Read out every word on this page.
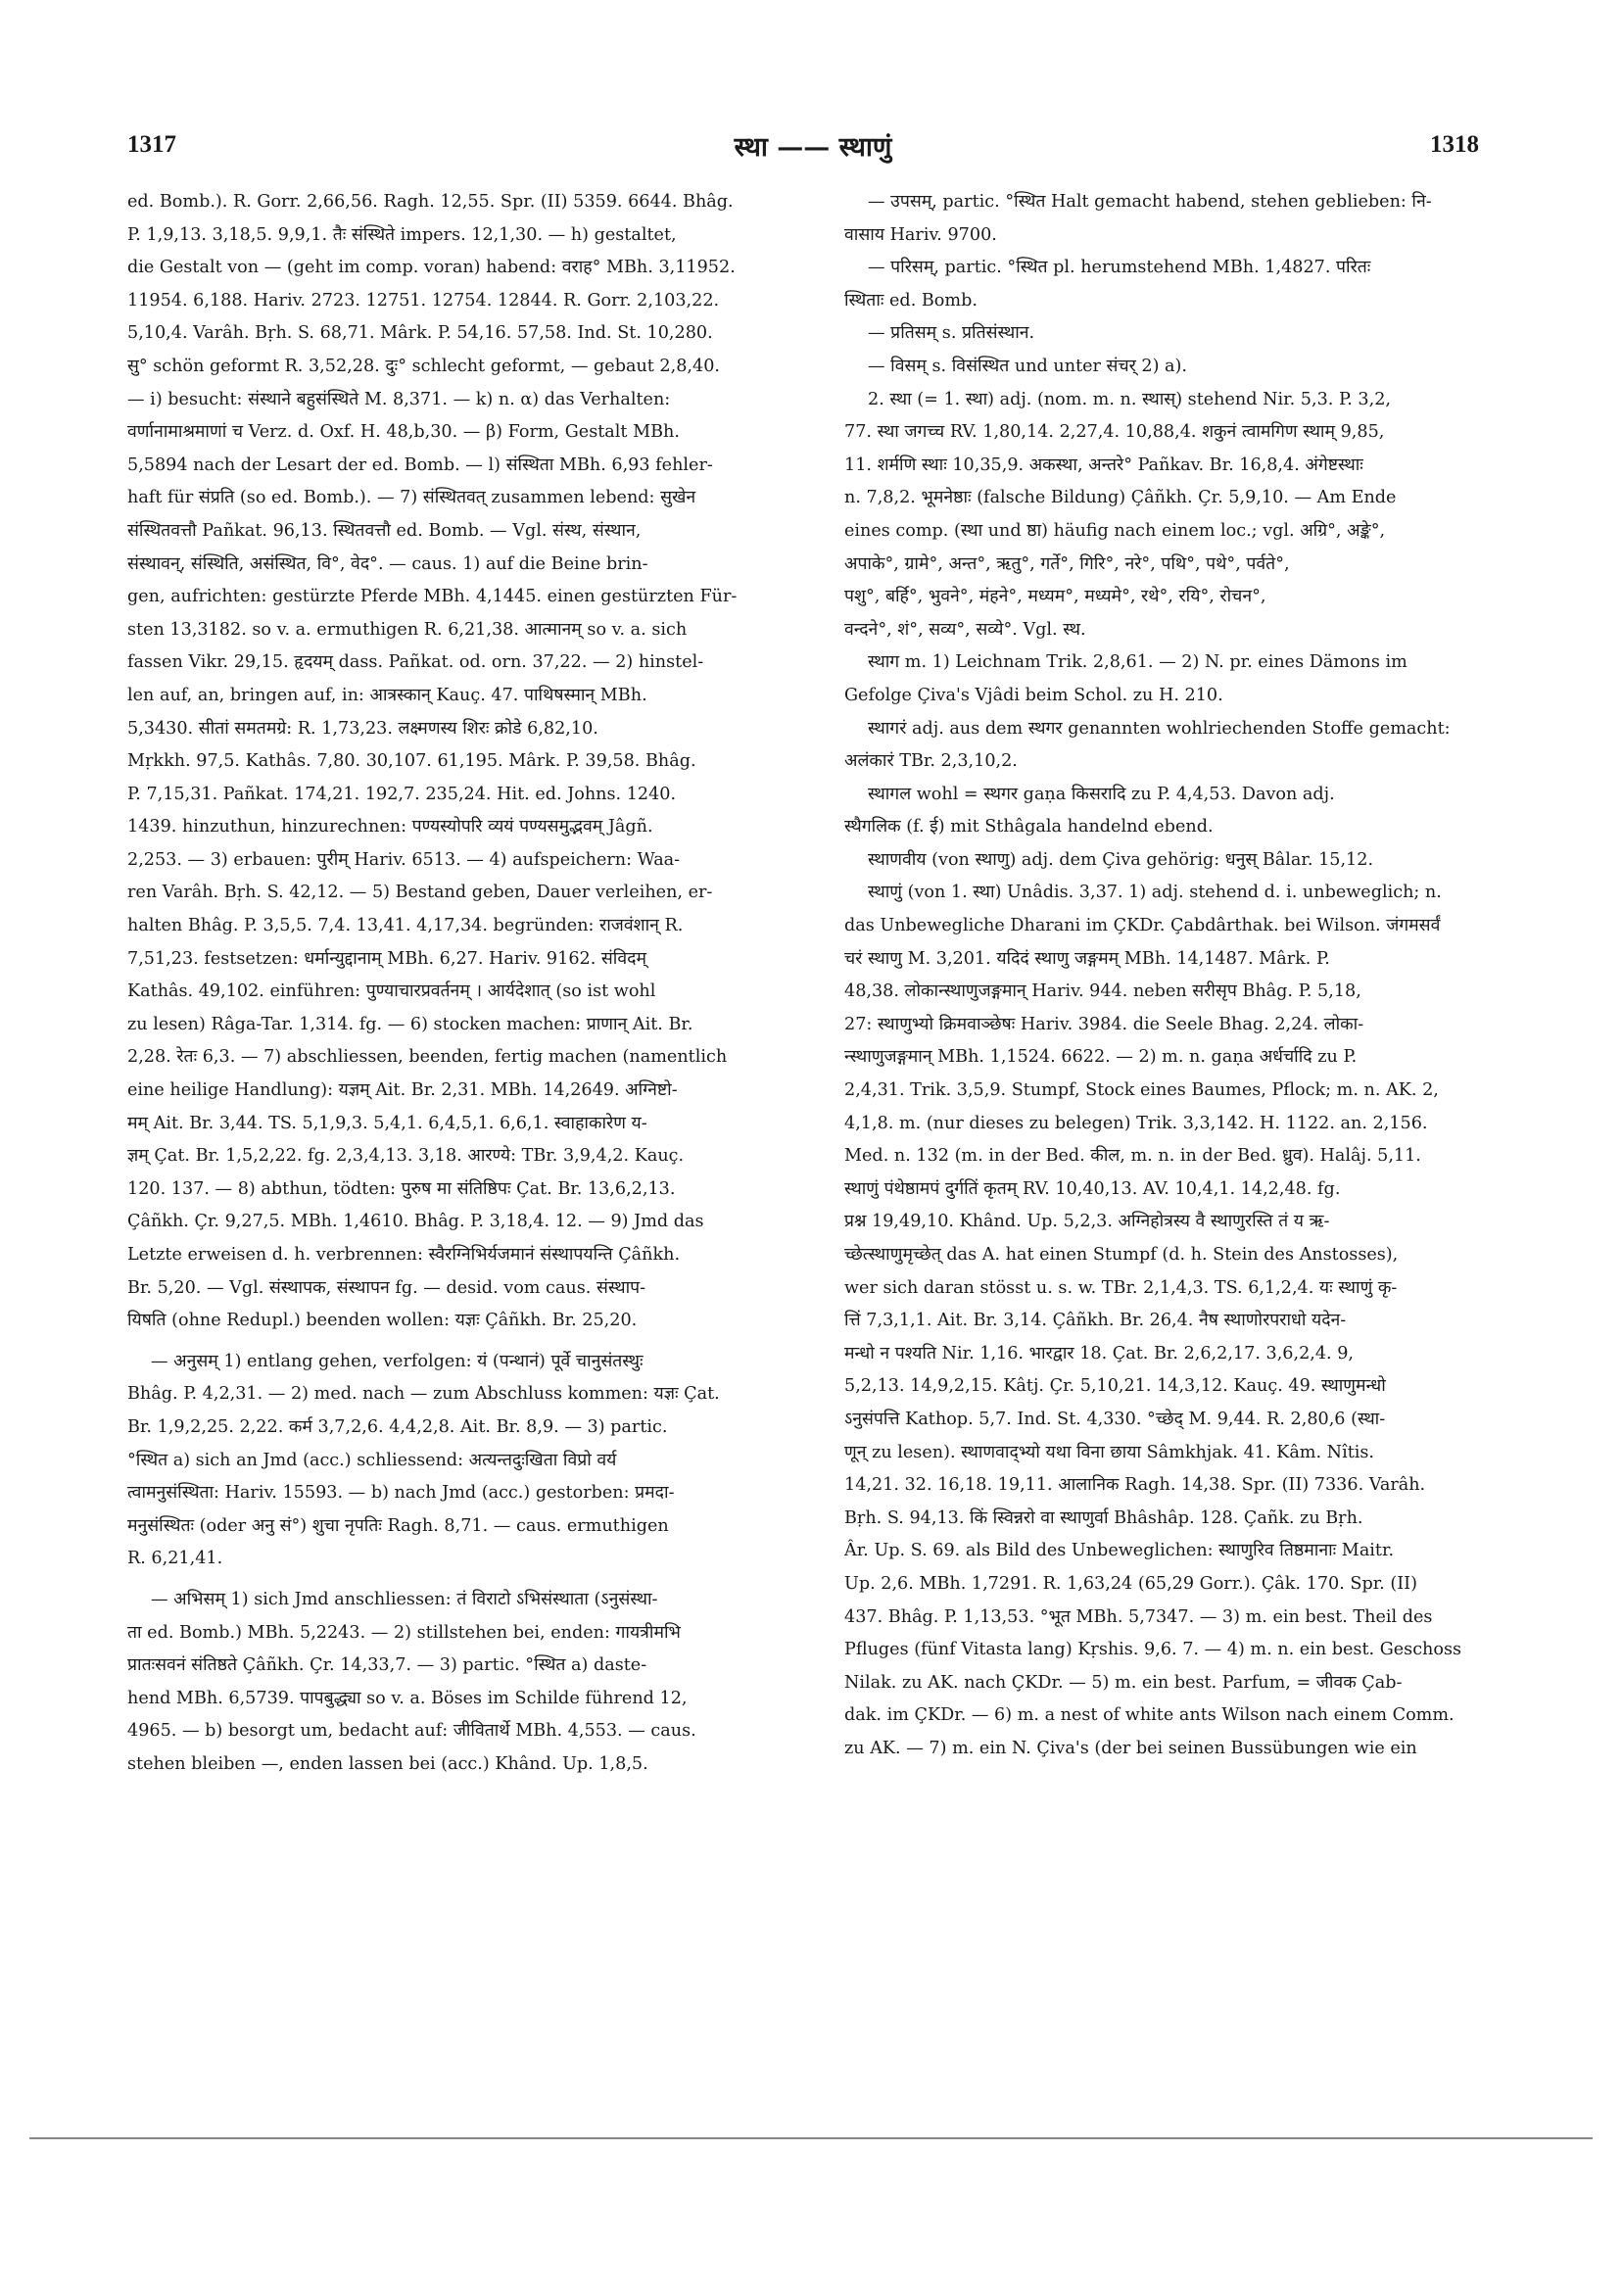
1317	स्था —— स्थाणुं	1318
ed. Bomb.). R. Gorr. 2,66,56. Ragh. 12,55. Spr. (II) 5359. 6644. Bhâg.
P. 1,9,13. 3,18,5. 9,9,1. तैः संस्थिते impers. 12,1,30. — h) gestaltet,
die Gestalt von — (geht im comp. voran) habend: वराह° MBh. 3,11952.
11954. 6,188. Hariv. 2723. 12751. 12754. 12844. R. Gorr. 2,103,22.
5,10,4. Varâh. Bṛh. S. 68,71. Mârk. P. 54,16. 57,58. Ind. St. 10,280.
सु° schön geformt R. 3,52,28. दुः° schlecht geformt, — gebaut 2,8,40.
— i) besucht: संस्थाने बहुसंस्थिते M. 8,371. — k) n. α) das Verhalten:
वर्णानामाश्रमाणां च Verz. d. Oxf. H. 48,b,30. — β) Form, Gestalt MBh.
5,5894 nach der Lesart der ed. Bomb. — l) संस्थिता MBh. 6,93 fehler-
haft für संप्रति (so ed. Bomb.). — 7) संस्थितवत् zusammen lebend: सुखेन
संस्थितवत्तौ Pañkat. 96,13. स्थितवत्तौ ed. Bomb. — Vgl. संस्थ, संस्थान,
संस्थावन्, संस्थिति, असंस्थित, वि°, वेद°. — caus. 1) auf die Beine brin-
gen, aufrichten: gestürzte Pferde MBh. 4,1445. einen gestürzten Für-
sten 13,3182. so v. a. ermuthigen R. 6,21,38. आत्मानम् so v. a. sich
fassen Vikr. 29,15. हृदयम् dass. Pañkat. od. orn. 37,22. — 2) hinstel-
len auf, an, bringen auf, in: आत्रस्कान् Kauç. 47. पाथिषस्मान् MBh.
5,3430. सीतां समतमग्रे: R. 1,73,23. लक्ष्मणस्य शिरः क्रोडे 6,82,10.
Mṛkkh. 97,5. Kathâs. 7,80. 30,107. 61,195. Mârk. P. 39,58. Bhâg.
P. 7,15,31. Pañkat. 174,21. 192,7. 235,24. Hit. ed. Johns. 1240.
1439. hinzuthun, hinzurechnen: पण्यस्योपरि व्ययं पण्यसमुद्भवम् Jâgñ.
2,253. — 3) erbauen: पुरीम् Hariv. 6513. — 4) aufspeichern: Waa-
ren Varâh. Bṛh. S. 42,12. — 5) Bestand geben, Dauer verleihen, er-
halten Bhâg. P. 3,5,5. 7,4. 13,41. 4,17,34. begründen: राजवंशान् R.
7,51,23. festsetzen: धर्मान्युद्दानाम् MBh. 6,27. Hariv. 9162. संविदम्
Kathâs. 49,102. einführen: पुण्याचारप्रवर्तनम् । आर्यदेशात् (so ist wohl
zu lesen) Râga-Tar. 1,314. fg. — 6) stocken machen: प्राणान् Ait. Br.
2,28. रेतः 6,3. — 7) abschliessen, beenden, fertig machen (namentlich
eine heilige Handlung): यज्ञम् Ait. Br. 2,31. MBh. 14,2649. अग्निष्टो-
मम् Ait. Br. 3,44. TS. 5,1,9,3. 5,4,1. 6,4,5,1. 6,6,1. स्वाहाकारेण य-
ज्ञम् Çat. Br. 1,5,2,22. fg. 2,3,4,13. 3,18. आरण्ये: TBr. 3,9,4,2. Kauç.
120. 137. — 8) abthun, tödten: पुरुष मा संतिष्ठिपः Çat. Br. 13,6,2,13.
Çâñkh. Çr. 9,27,5. MBh. 1,4610. Bhâg. P. 3,18,4. 12. — 9) Jmd das
Letzte erweisen d. h. verbrennen: स्वैरग्निभिर्यजमानं संस्थापयन्ति Çâñkh.
Br. 5,20. — Vgl. संस्थापक, संस्थापन fg. — desid. vom caus. संस्थाप-
यिषति (ohne Redupl.) beenden wollen: यज्ञः Çâñkh. Br. 25,20.
— अनुसम् 1) entlang gehen, verfolgen: यं (पन्थानं) पूर्वे चानुसंतस्थुः
Bhâg. P. 4,2,31. — 2) med. nach — zum Abschluss kommen: यज्ञः Çat.
Br. 1,9,2,25. 2,22. कर्म 3,7,2,6. 4,4,2,8. Ait. Br. 8,9. — 3) partic.
°स्थित a) sich an Jmd (acc.) schliessend: अत्यन्तदुःखिता विप्रो वर्य
त्वामनुसंस्थिता: Hariv. 15593. — b) nach Jmd (acc.) gestorben: प्रमदा-
मनुसंस्थितः (oder अनु सं°) शुचा नृपतिः Ragh. 8,71. — caus. ermuthigen
R. 6,21,41.
— अभिसम् 1) sich Jmd anschliessen: तं विराटो ऽभिसंस्थाता (ऽनुसंस्था-
ता ed. Bomb.) MBh. 5,2243. — 2) stillstehen bei, enden: गायत्रीमभि
प्रातःसवनं संतिष्ठते Çâñkh. Çr. 14,33,7. — 3) partic. °स्थित a) daste-
hend MBh. 6,5739. पापबुद्ध्या so v. a. Böses im Schilde führend 12,
4965. — b) besorgt um, bedacht auf: जीवितार्थे MBh. 4,553. — caus.
stehen bleiben —, enden lassen bei (acc.) Khând. Up. 1,8,5.
— उपसम्, partic. °स्थित Halt gemacht habend, stehen geblieben: नि-
वासाय Hariv. 9700.
— परिसम्, partic. °स्थित pl. herumstehend MBh. 1,4827. परितः
स्थिताः ed. Bomb.
— प्रतिसम् s. प्रतिसंस्थान.
— विसम् s. विसंस्थित und unter संचर् 2) a).
2. स्था (= 1. स्था) adj. (nom. m. n. स्थास्) stehend Nir. 5,3. P. 3,2,
77. स्था जगच्च RV. 1,80,14. 2,27,4. 10,88,4. शकुनं त्वामगिण स्थाम् 9,85,
11. शर्मणि स्थाः 10,35,9. अकस्था, अन्तरे° Pañkav. Br. 16,8,4. अंगेष्टस्थाः
n. 7,8,2. भूमनेष्ठाः (falsche Bildung) Çâñkh. Çr. 5,9,10. — Am Ende
eines comp. (स्था und ष्ठा) häufig nach einem loc.; vgl. अग्रि°, अङ्के°,
अपाके°, ग्रामे°, अन्त°, ऋतु°, गर्ते°, गिरि°, नरे°, पथि°, पथे°, पर्वते°,
पशु°, बर्हि°, भुवने°, मंहने°, मध्यम°, मध्यमे°, रथे°, रयि°, रोचन°,
वन्दने°, शं°, सव्य°, सव्ये°. Vgl. स्थ.
स्थाग m. 1) Leichnam Trik. 2,8,61. — 2) N. pr. eines Dämons im
Gefolge Çiva's Vjâdi beim Schol. zu H. 210.
स्थागरं adj. aus dem स्थगर genannten wohlriechenden Stoffe gemacht:
अलंकारं TBr. 2,3,10,2.
स्थागल wohl = स्थगर gaṇa किसरादि zu P. 4,4,53. Davon adj.
स्थैगलिक (f. ई) mit Sthâgala handelnd ebend.
स्थाणवीय (von स्थाणु) adj. dem Çiva gehörig: धनुस् Bâlar. 15,12.
स्थाणुं (von 1. स्था) Unâdis. 3,37. 1) adj. stehend d. i. unbeweglich; n.
das Unbewegliche Dharani im ÇKDr. Çabdârthak. bei Wilson. जंगमसर्वं
चरं स्थाणु M. 3,201. यदिदं स्थाणु जङ्गमम् MBh. 14,1487. Mârk. P.
48,38. लोकान्स्थाणुजङ्गमान् Hariv. 944. neben सरीसृप Bhâg. P. 5,18,
27: स्थाणुभ्यो क्रिमवाञ्छेषः Hariv. 3984. die Seele Bhag. 2,24. लोका-
न्स्थाणुजङ्गमान् MBh. 1,1524. 6622. — 2) m. n. gaṇa अर्धर्चादि zu P.
2,4,31. Trik. 3,5,9. Stumpf, Stock eines Baumes, Pflock; m. n. AK. 2,
4,1,8. m. (nur dieses zu belegen) Trik. 3,3,142. H. 1122. an. 2,156.
Med. n. 132 (m. in der Bed. कील, m. n. in der Bed. ध्रुव). Halâj. 5,11.
स्थाणुं पंथेष्ठामपं दुर्गतिं कृतम् RV. 10,40,13. AV. 10,4,1. 14,2,48. fg.
प्रश्न 19,49,10. Khând. Up. 5,2,3. अग्निहोत्रस्य वै स्थाणुरस्ति तं य ऋ-
च्छेत्स्थाणुमृच्छेत् das A. hat einen Stumpf (d. h. Stein des Anstosses),
wer sich daran stösst u. s. w. TBr. 2,1,4,3. TS. 6,1,2,4. यः स्थाणुं कृ-
त्तिं 7,3,1,1. Ait. Br. 3,14. Çâñkh. Br. 26,4. नैष स्थाणोरपराधो यदेन-
मन्धो न पश्यति Nir. 1,16. भारद्वार 18. Çat. Br. 2,6,2,17. 3,6,2,4. 9,
5,2,13. 14,9,2,15. Kâtj. Çr. 5,10,21. 14,3,12. Kauç. 49. स्थाणुमन्धो
ऽनुसंपत्ति Kathop. 5,7. Ind. St. 4,330. °च्छेद् M. 9,44. R. 2,80,6 (स्था-
णून् zu lesen). स्थाणवाद्भ्यो यथा विना छाया Sâmkhjak. 41. Kâm. Nîtis.
14,21. 32. 16,18. 19,11. आलानिक Ragh. 14,38. Spr. (II) 7336. Varâh.
Bṛh. S. 94,13. किं स्विन्नरो वा स्थाणुर्वा Bhâshâp. 128. Çañk. zu Bṛh.
Âr. Up. S. 69. als Bild des Unbeweglichen: स्थाणुरिव तिष्ठमानाः Maitr.
Up. 2,6. MBh. 1,7291. R. 1,63,24 (65,29 Gorr.). Çâk. 170. Spr. (II)
437. Bhâg. P. 1,13,53. °भूत MBh. 5,7347. — 3) m. ein best. Theil des
Pfluges (fünf Vitasta lang) Kṛshis. 9,6. 7. — 4) m. n. ein best. Geschoss
Nilak. zu AK. nach ÇKDr. — 5) m. ein best. Parfum, = जीवक Çab-
dak. im ÇKDr. — 6) m. a nest of white ants Wilson nach einem Comm.
zu AK. — 7) m. ein N. Çiva's (der bei seinen Bussübungen wie ein
